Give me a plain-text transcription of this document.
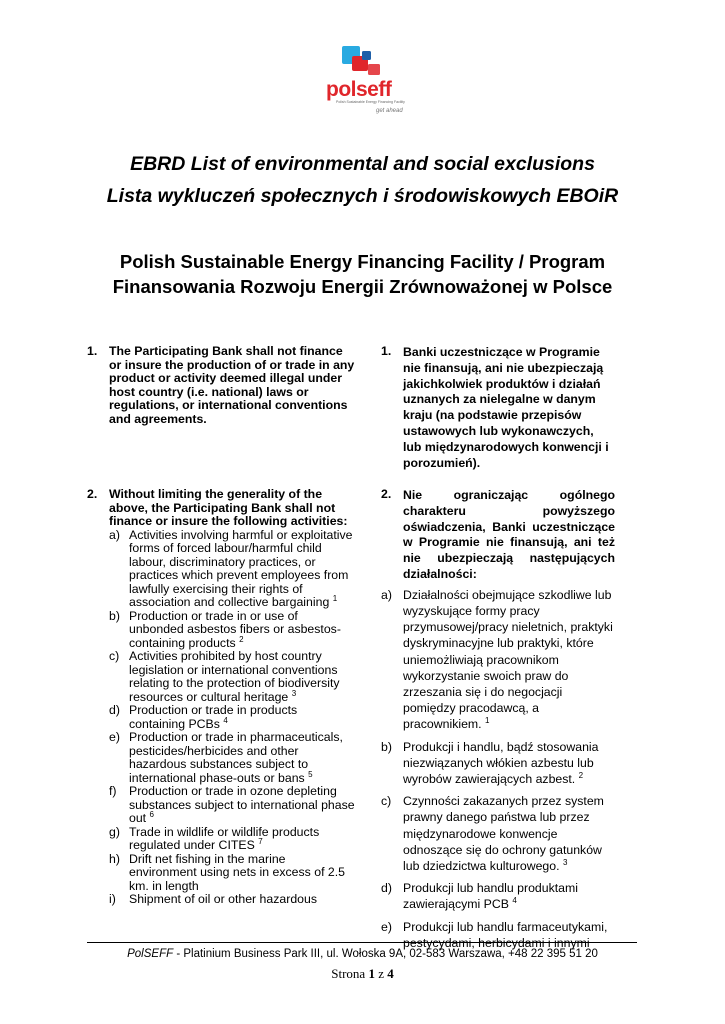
polseff
Polish Sustainable Energy Financing Facility
get ahead
EBRD List of environmental and social exclusions
Lista wykluczeń społecznych i środowiskowych EBOiR
Polish Sustainable Energy Financing Facility / Program
Finansowania Rozwoju Energii Zrównoważonej w Polsce
1. The Participating Bank shall not finance or insure the production of or trade in any product or activity deemed illegal under host country (i.e. national) laws or regulations, or international conventions and agreements.
2. Without limiting the generality of the above, the Participating Bank shall not finance or insure the following activities:
a) Activities involving harmful or exploitative forms of forced labour/harmful child labour, discriminatory practices, or practices which prevent employees from lawfully exercising their rights of association and collective bargaining $^1$
b) Production or trade in or use of unbonded asbestos fibers or asbestos-containing products $^2$
c) Activities prohibited by host country legislation or international conventions relating to the protection of biodiversity resources or cultural heritage $^3$
d) Production or trade in products containing PCBs $^4$
e) Production or trade in pharmaceuticals, pesticides/herbicides and other hazardous substances subject to international phase-outs or bans $^5$
f) Production or trade in ozone depleting substances subject to international phase out $^6$
g) Trade in wildlife or wildlife products regulated under CITES $^7$
h) Drift net fishing in the marine environment using nets in excess of 2.5 km. in length
i) Shipment of oil or other hazardous
1. Banki uczestniczące w Programie nie finansują, ani nie ubezpieczają jakichkolwiek produktów i działań uznanych za nielegalne w danym kraju (na podstawie przepisów ustawowych lub wykonawczych, lub międzynarodowych konwencji i porozumień).
2. Nie ograniczając ogólnego charakteru powyższego oświadczenia, Banki uczestniczące w Programie nie finansują, ani też nie ubezpieczają następujących działalności:
a) Działalności obejmujące szkodliwe lub wyzyskujące formy pracy przymusowej/pracy nieletnich, praktyki dyskryminacyjne lub praktyki, które uniemożliwiają pracownikom wykorzystanie swoich praw do zrzeszania się i do negocjacji pomiędzy pracodawcą, a pracownikiem. $^1$
b) Produkcji i handlu, bądź stosowania niezwiązanych włókien azbestu lub wyrobów zawierających azbest. $^2$
c) Czynności zakazanych przez system prawny danego państwa lub przez międzynarodowe konwencje odnoszące się do ochrony gatunków lub dziedzictwa kulturowego. $^3$
d) Produkcji lub handlu produktami zawierającymi PCB $^4$
e) Produkcji lub handlu farmaceutykami,
PolSEFF - Platinium Business Park III, ul. Wołoska 9A, 02-583 Warszawa, +48 22 395 51 20
Strona 1 z 4
